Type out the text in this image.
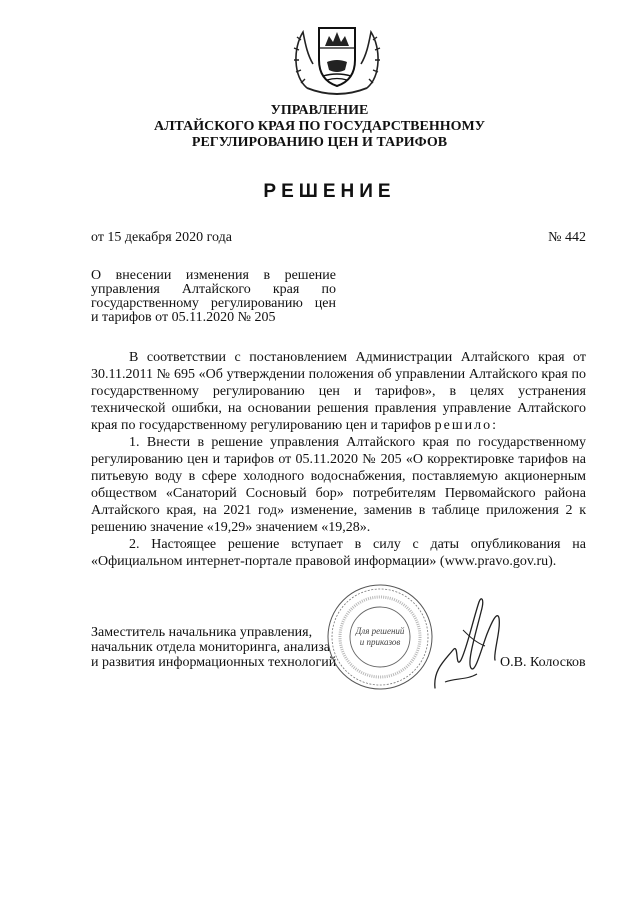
УПРАВЛЕНИЕ
АЛТАЙСКОГО КРАЯ ПО ГОСУДАРСТВЕННОМУ
РЕГУЛИРОВАНИЮ ЦЕН И ТАРИФОВ
РЕШЕНИЕ
от 15 декабря 2020 года	№ 442
О внесении изменения в решение
управления Алтайского края по
государственному регулированию цен
и тарифов от 05.11.2020 № 205

В соответствии с постановлением Администрации Алтайского края от 30.11.2011 № 695 «Об утверждении положения об управлении Алтайского края по государственному регулированию цен и тарифов», в целях устранения технической ошибки, на основании решения правления управление Алтайского края по государственному регулированию цен и тарифов решило:

1. Внести в решение управления Алтайского края по государственному регулированию цен и тарифов от 05.11.2020 № 205 «О корректировке тарифов на питьевую воду в сфере холодного водоснабжения, поставляемую акционерным обществом «Санаторий Сосновый бор» потребителям Первомайского района Алтайского края, на 2021 год» изменение, заменив в таблице приложения 2 к решению значение «19,29» значением «19,28».

2. Настоящее решение вступает в силу с даты опубликования на «Официальном интернет-портале правовой информации» (www.pravo.gov.ru).

Заместитель начальника управления,
начальник отдела мониторинга, анализа
и развития информационных технологий
Для решений
и приказов
О.В. Колосков
